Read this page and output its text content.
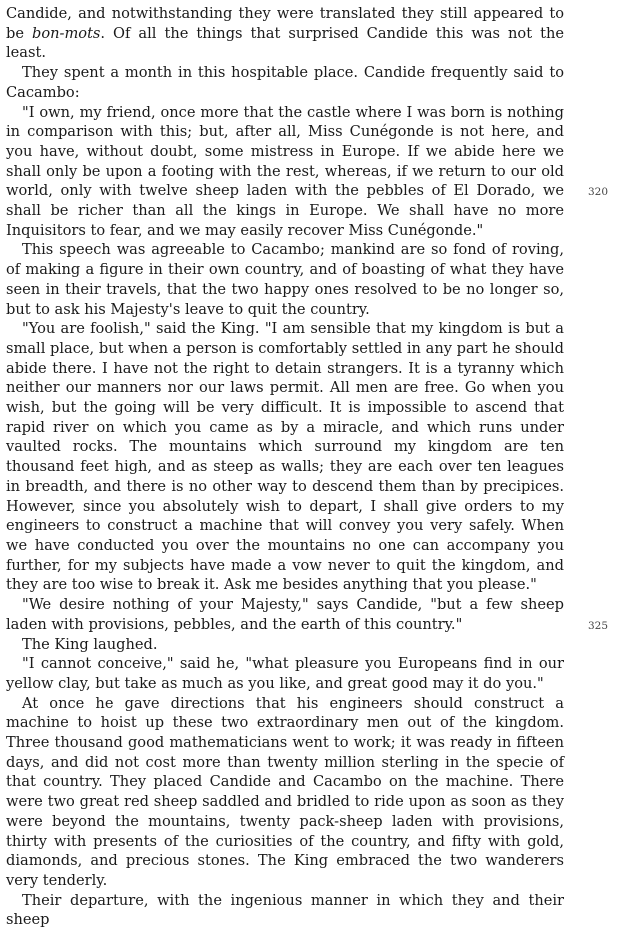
Candide, and notwithstanding they were translated they still appeared to be bon-mots. Of all the things that surprised Candide this was not the least.

They spent a month in this hospitable place. Candide frequently said to Cacambo:

"I own, my friend, once more that the castle where I was born is nothing in comparison with this; but, after all, Miss Cunégonde is not here, and you have, without doubt, some mistress in Europe. If we abide here we shall only be upon a footing with the rest, whereas, if we return to our old world, only with twelve sheep laden with the pebbles of El Dorado, we shall be richer than all the kings in Europe. We shall have no more Inquisitors to fear, and we may easily recover Miss Cunégonde."

This speech was agreeable to Cacambo; mankind are so fond of roving, of making a figure in their own country, and of boasting of what they have seen in their travels, that the two happy ones resolved to be no longer so, but to ask his Majesty's leave to quit the country.

"You are foolish," said the King. "I am sensible that my kingdom is but a small place, but when a person is comfortably settled in any part he should abide there. I have not the right to detain strangers. It is a tyranny which neither our manners nor our laws permit. All men are free. Go when you wish, but the going will be very difficult. It is impossible to ascend that rapid river on which you came as by a miracle, and which runs under vaulted rocks. The mountains which surround my kingdom are ten thousand feet high, and as steep as walls; they are each over ten leagues in breadth, and there is no other way to descend them than by precipices. However, since you absolutely wish to depart, I shall give orders to my engineers to construct a machine that will convey you very safely. When we have conducted you over the mountains no one can accompany you further, for my subjects have made a vow never to quit the kingdom, and they are too wise to break it. Ask me besides anything that you please."

"We desire nothing of your Majesty," says Candide, "but a few sheep laden with provisions, pebbles, and the earth of this country."

The King laughed.

"I cannot conceive," said he, "what pleasure you Europeans find in our yellow clay, but take as much as you like, and great good may it do you."

At once he gave directions that his engineers should construct a machine to hoist up these two extraordinary men out of the kingdom. Three thousand good mathematicians went to work; it was ready in fifteen days, and did not cost more than twenty million sterling in the specie of that country. They placed Candide and Cacambo on the machine. There were two great red sheep saddled and bridled to ride upon as soon as they were beyond the mountains, twenty pack-sheep laden with provisions, thirty with presents of the curiosities of the country, and fifty with gold, diamonds, and precious stones. The King embraced the two wanderers very tenderly.

Their departure, with the ingenious manner in which they and their sheep

320
325
